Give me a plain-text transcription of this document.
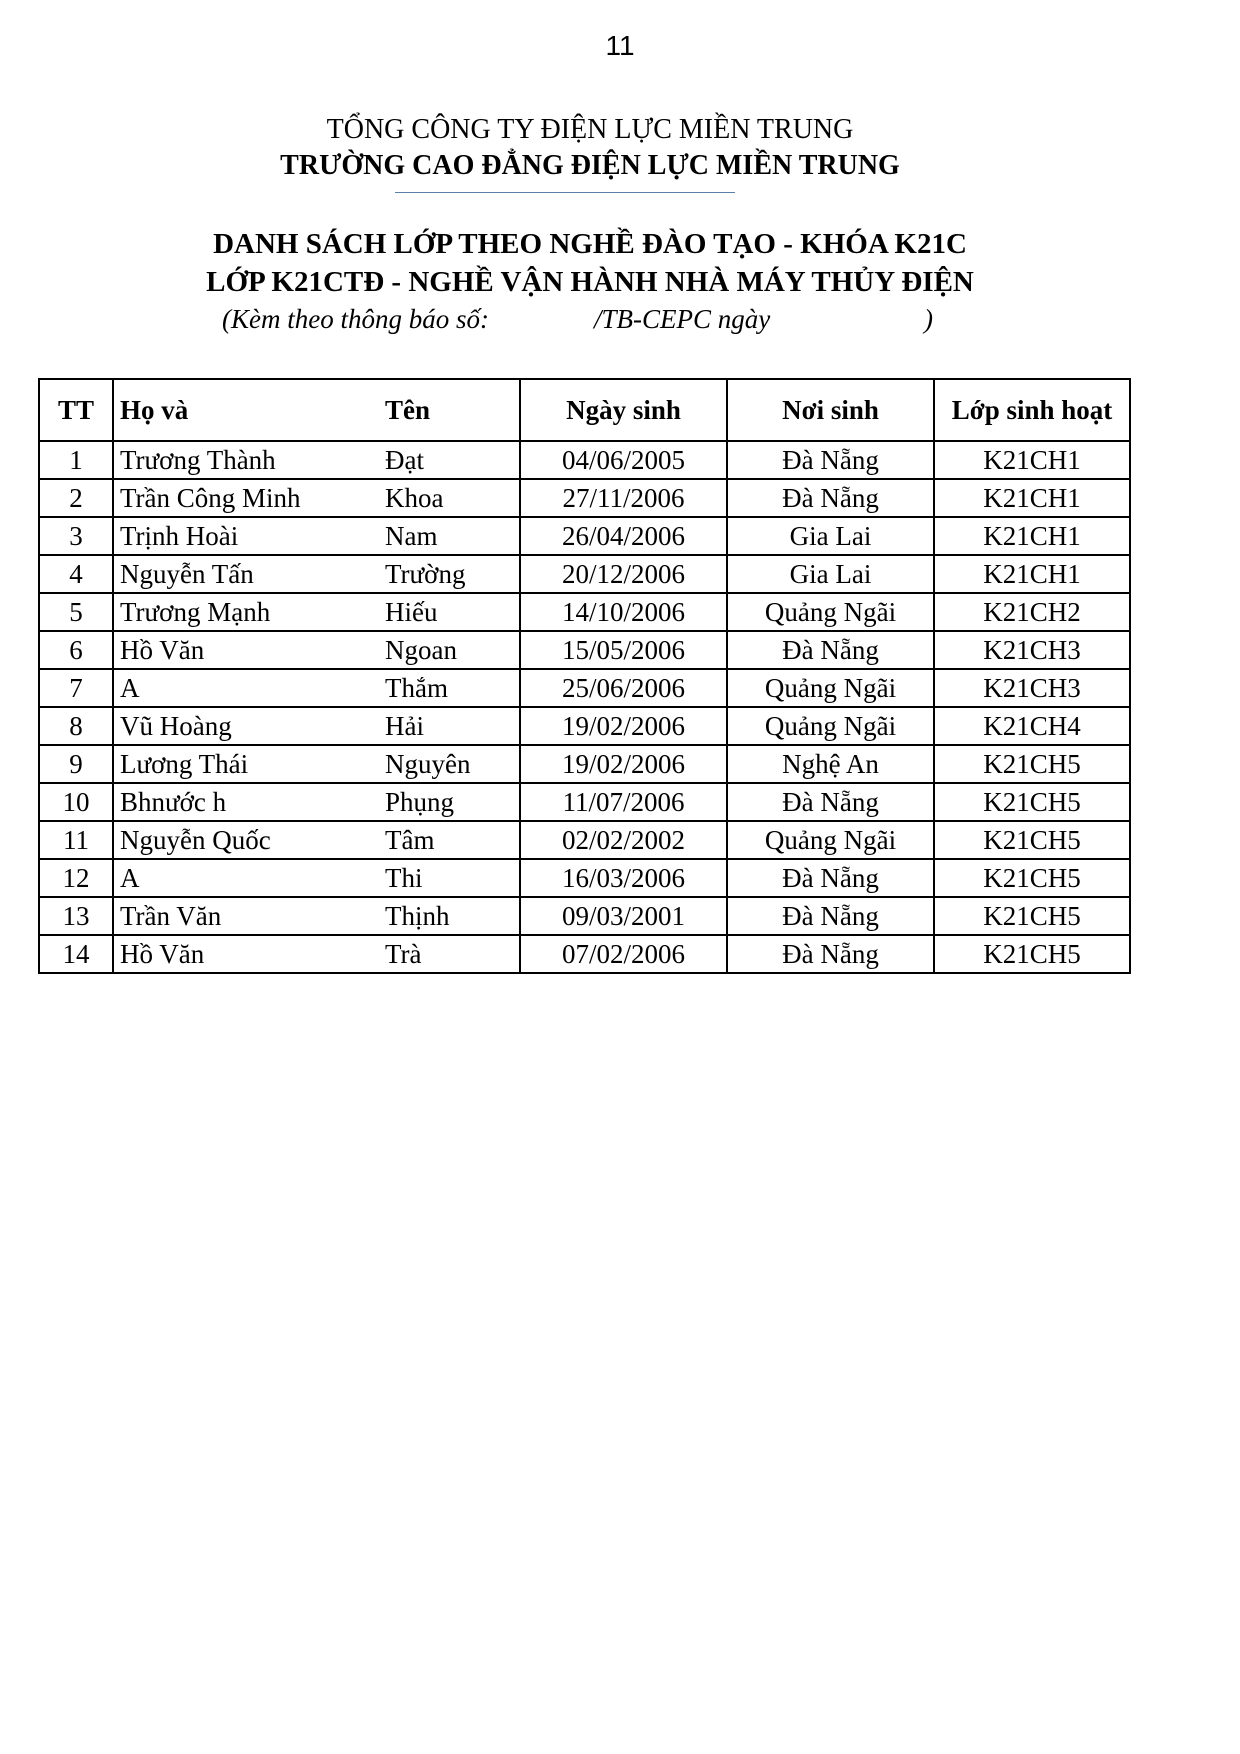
11
TỔNG CÔNG TY ĐIỆN LỰC MIỀN TRUNG
TRƯỜNG CAO ĐẲNG ĐIỆN LỰC MIỀN TRUNG
DANH SÁCH LỚP THEO NGHỀ ĐÀO TẠO - KHÓA K21C
LỚP K21CTĐ - NGHỀ VẬN HÀNH NHÀ MÁY THỦY ĐIỆN
(Kèm theo thông báo số:	/TB-CEPC ngày	)
TT	Họ và	Tên	Ngày sinh	Nơi sinh	Lớp sinh hoạt
1	Trương Thành	Đạt	04/06/2005	Đà Nẵng	K21CH1
2	Trần Công Minh	Khoa	27/11/2006	Đà Nẵng	K21CH1
3	Trịnh Hoài	Nam	26/04/2006	Gia Lai	K21CH1
4	Nguyễn Tấn	Trường	20/12/2006	Gia Lai	K21CH1
5	Trương Mạnh	Hiếu	14/10/2006	Quảng Ngãi	K21CH2
6	Hồ Văn	Ngoan	15/05/2006	Đà Nẵng	K21CH3
7	A	Thắm	25/06/2006	Quảng Ngãi	K21CH3
8	Vũ Hoàng	Hải	19/02/2006	Quảng Ngãi	K21CH4
9	Lương Thái	Nguyên	19/02/2006	Nghệ An	K21CH5
10	Bhnước h	Phụng	11/07/2006	Đà Nẵng	K21CH5
11	Nguyễn Quốc	Tâm	02/02/2002	Quảng Ngãi	K21CH5
12	A	Thi	16/03/2006	Đà Nẵng	K21CH5
13	Trần Văn	Thịnh	09/03/2001	Đà Nẵng	K21CH5
14	Hồ Văn	Trà	07/02/2006	Đà Nẵng	K21CH5
